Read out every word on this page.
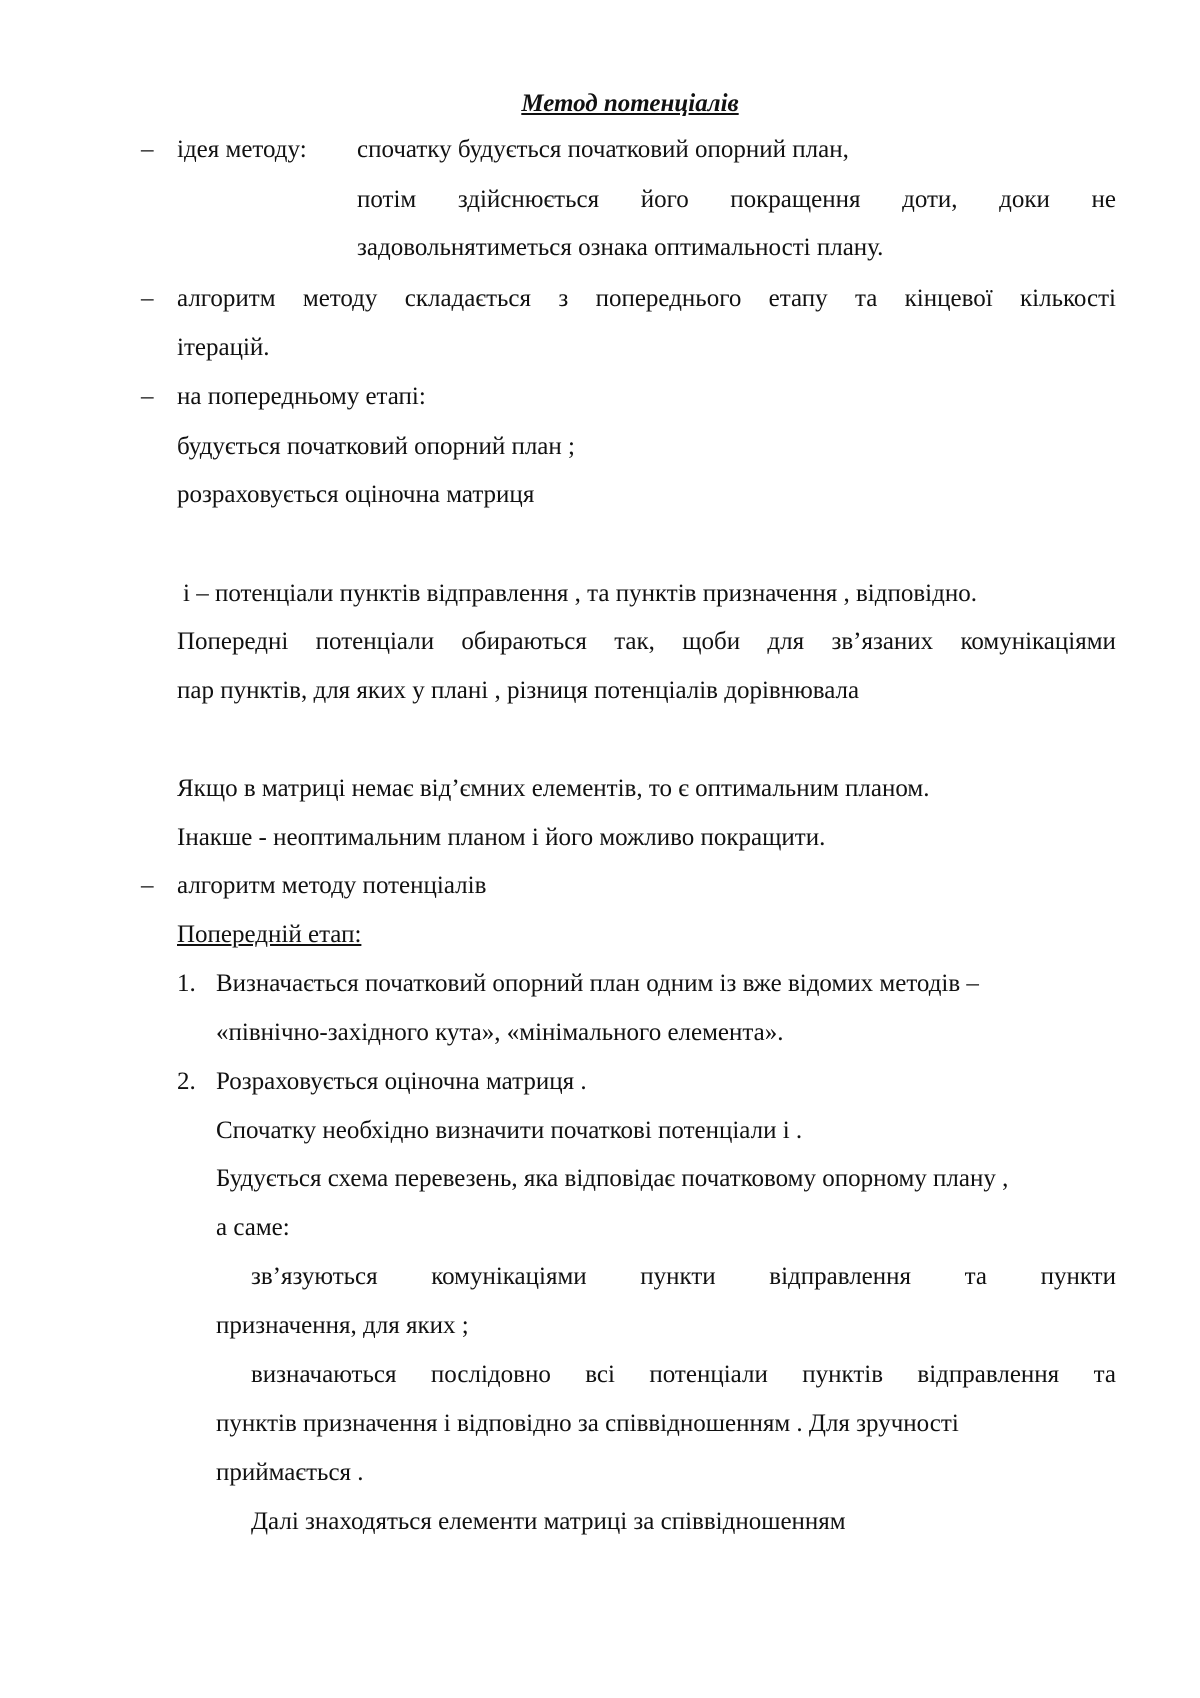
Метод потенціалів
– ідея методу: спочатку будується початковий опорний план,
потім здійснюється його покращення доти, доки не
задовольнятиметься ознака оптимальності плану.
– алгоритм методу складається з попереднього етапу та кінцевої кількості
ітерацій.
– на попередньому етапі:
будується початковий опорний план ;
розраховується оціночна матриця
і – потенціали пунктів відправлення , та пунктів призначення , відповідно.
Попередні потенціали обираються так, щоби для зв’язаних комунікаціями
пар пунктів, для яких у плані , різниця потенціалів дорівнювала
Якщо в матриці немає від’ємних елементів, то є оптимальним планом.
Інакше - неоптимальним планом і його можливо покращити.
– алгоритм методу потенціалів
Попередній етап:
1. Визначається початковий опорний план одним із вже відомих методів –
«північно-західного кута», «мінімального елемента».
2. Розраховується оціночна матриця .
Спочатку необхідно визначити початкові потенціали і .
Будується схема перевезень, яка відповідає початковому опорному плану ,
а саме:
зв’язуються комунікаціями пункти відправлення та пункти
призначення, для яких ;
визначаються послідовно всі потенціали пунктів відправлення та
пунктів призначення і відповідно за співвідношенням . Для зручності
приймається .
Далі знаходяться елементи матриці за співвідношенням
